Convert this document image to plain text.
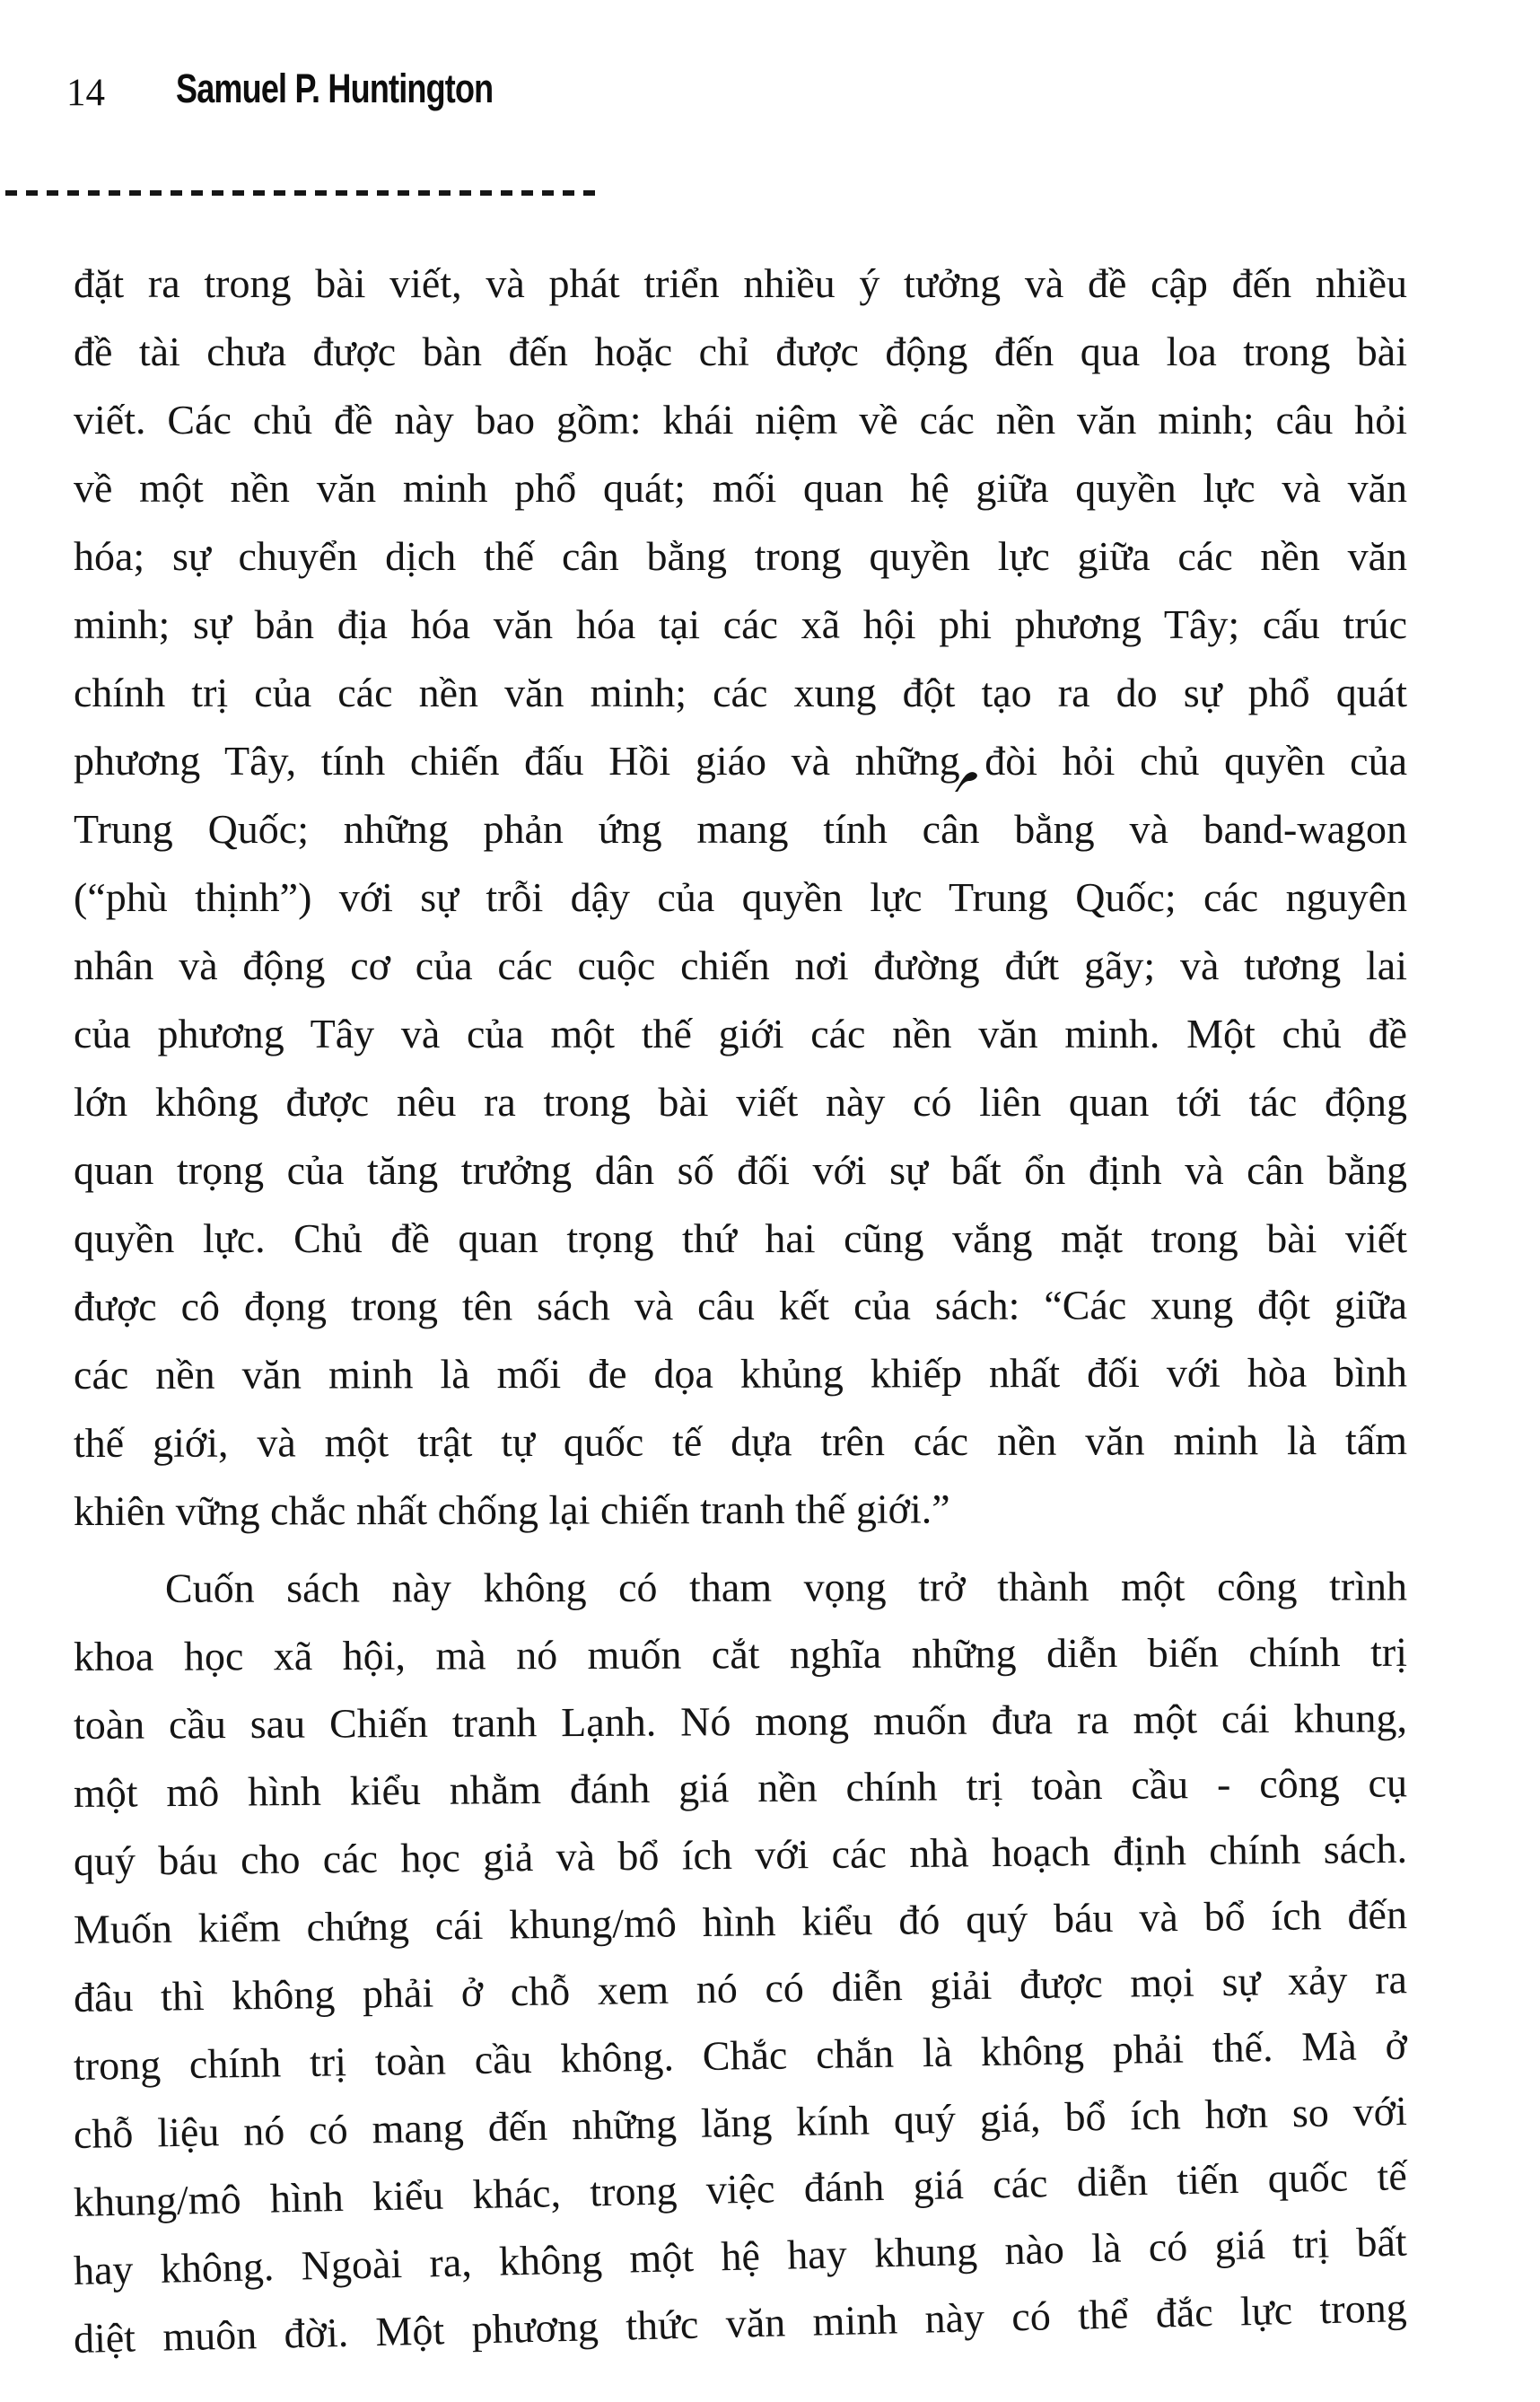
14 Samuel P. Huntington
đặt ra trong bài viết, và phát triển nhiều ý tưởng và đề cập đến nhiều
đề tài chưa được bàn đến hoặc chỉ được động đến qua loa trong bài
viết. Các chủ đề này bao gồm: khái niệm về các nền văn minh; câu hỏi
về một nền văn minh phổ quát; mối quan hệ giữa quyền lực và văn
hóa; sự chuyển dịch thế cân bằng trong quyền lực giữa các nền văn
minh; sự bản địa hóa văn hóa tại các xã hội phi phương Tây; cấu trúc
chính trị của các nền văn minh; các xung đột tạo ra do sự phổ quát
phương Tây, tính chiến đấu Hồi giáo và những đòi hỏi chủ quyền của
Trung Quốc; những phản ứng mang tính cân bằng và band-wagon
(“phù thịnh”) với sự trỗi dậy của quyền lực Trung Quốc; các nguyên
nhân và động cơ của các cuộc chiến nơi đường đứt gãy; và tương lai
của phương Tây và của một thế giới các nền văn minh. Một chủ đề
lớn không được nêu ra trong bài viết này có liên quan tới tác động
quan trọng của tăng trưởng dân số đối với sự bất ổn định và cân bằng
quyền lực. Chủ đề quan trọng thứ hai cũng vắng mặt trong bài viết
được cô đọng trong tên sách và câu kết của sách: “Các xung đột giữa
các nền văn minh là mối đe dọa khủng khiếp nhất đối với hòa bình
thế giới, và một trật tự quốc tế dựa trên các nền văn minh là tấm
khiên vững chắc nhất chống lại chiến tranh thế giới.”
Cuốn sách này không có tham vọng trở thành một công trình
khoa học xã hội, mà nó muốn cắt nghĩa những diễn biến chính trị
toàn cầu sau Chiến tranh Lạnh. Nó mong muốn đưa ra một cái khung,
một mô hình kiểu nhằm đánh giá nền chính trị toàn cầu - công cụ
quý báu cho các học giả và bổ ích với các nhà hoạch định chính sách.
Muốn kiểm chứng cái khung/mô hình kiểu đó quý báu và bổ ích đến
đâu thì không phải ở chỗ xem nó có diễn giải được mọi sự xảy ra
trong chính trị toàn cầu không. Chắc chắn là không phải thế. Mà ở
chỗ liệu nó có mang đến những lăng kính quý giá, bổ ích hơn so với
khung/mô hình kiểu khác, trong việc đánh giá các diễn tiến quốc tế
hay không. Ngoài ra, không một hệ hay khung nào là có giá trị bất
diệt muôn đời. Một phương thức văn minh này có thể đắc lực trong
